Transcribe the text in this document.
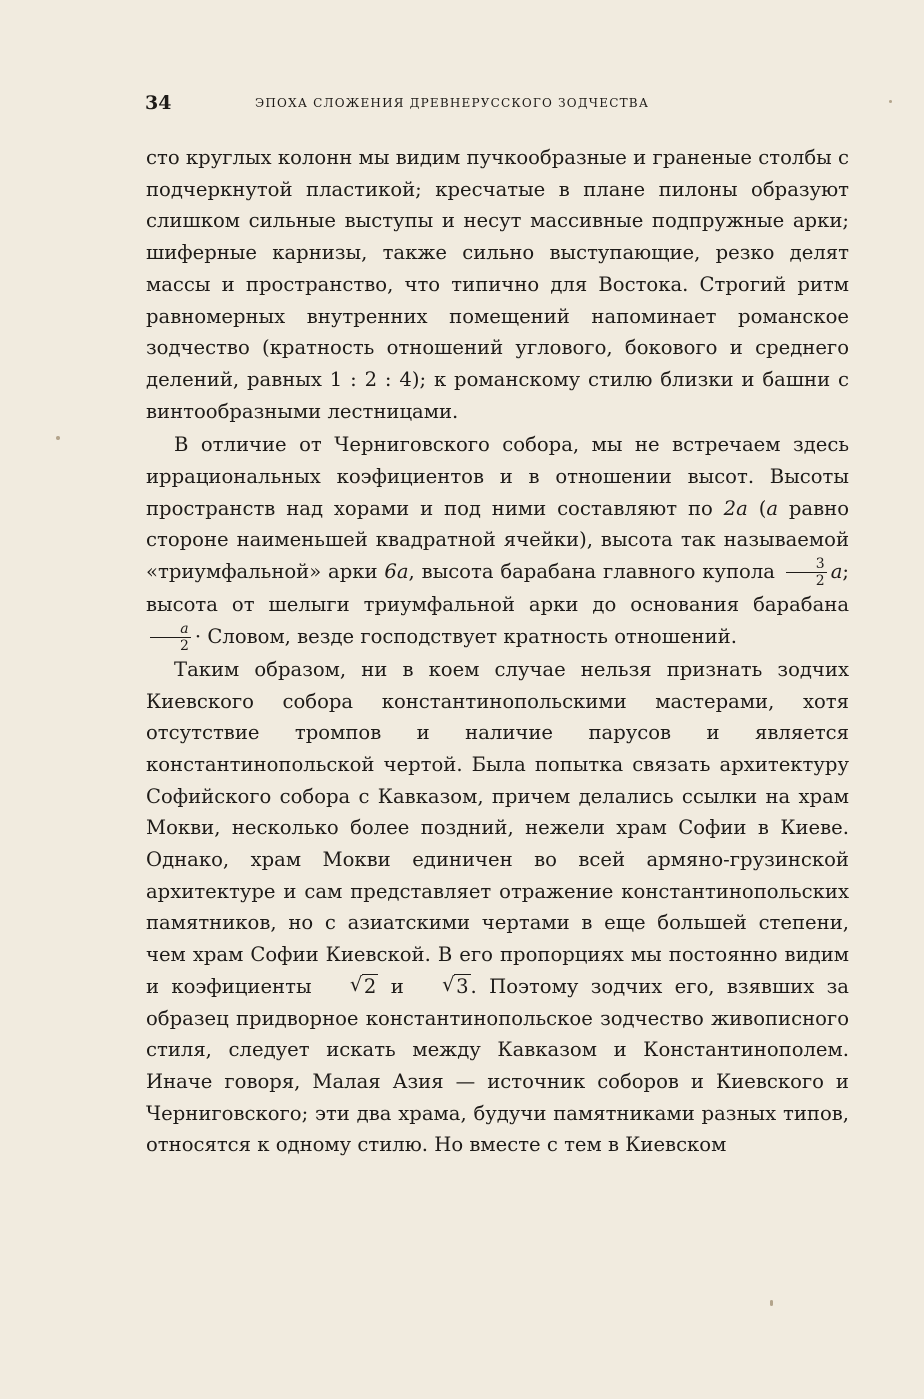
34	ЭПОХА СЛОЖЕНИЯ ДРЕВНЕРУССКОГО ЗОДЧЕСТВА

сто круглых колонн мы видим пучкообразные и граненые столбы с подчеркнутой пластикой; кресчатые в плане пилоны образуют слишком сильные выступы и несут массивные подпружные арки; шиферные карнизы, также сильно выступающие, резко делят массы и пространство, что типично для Востока. Строгий ритм равномерных внутренних помещений напоминает романское зодчество (кратность отношений углового, бокового и среднего делений, равных 1 : 2 : 4); к романскому стилю близки и башни с винтообразными лестницами.

В отличие от Черниговского собора, мы не встречаем здесь иррациональных коэфициентов и в отношении высот. Высоты пространств над хорами и под ними составляют по 2а (а равно стороне наименьшей квадратной ячейки), высота так называемой «триумфальной» арки 6а, высота барабана главного купола $\frac{3}{2} а$; высота от шелыги триумфальной арки до основания барабана
$\frac{а}{2}$ · Словом, везде господствует кратность отношений.

Таким образом, ни в коем случае нельзя признать зодчих Киевского собора константинопольскими мастерами, хотя отсутствие тромпов и наличие парусов и является константинопольской чертой. Была попытка связать архитектуру Софийского собора с Кавказом, причем делались ссылки на храм Мокви, несколько более поздний, нежели храм Софии в Киеве. Однако, храм Мокви единичен во всей армяно-грузинской архитектуре и сам представляет отражение константинопольских памятников, но с азиатскими чертами в еще большей степени, чем храм Софии Киевской. В его пропорциях мы постоянно видим и коэфициенты √ 2 и √ 3 . Поэтому зодчих его, взявших за образец придворное константинопольское зодчество живописного стиля, следует искать между Кавказом и Константинополем. Иначе говоря, Малая Азия — источник соборов и Киевского и Черниговского; эти два храма, будучи памятниками разных типов, относятся к одному стилю. Но вместе с тем в Киевском
